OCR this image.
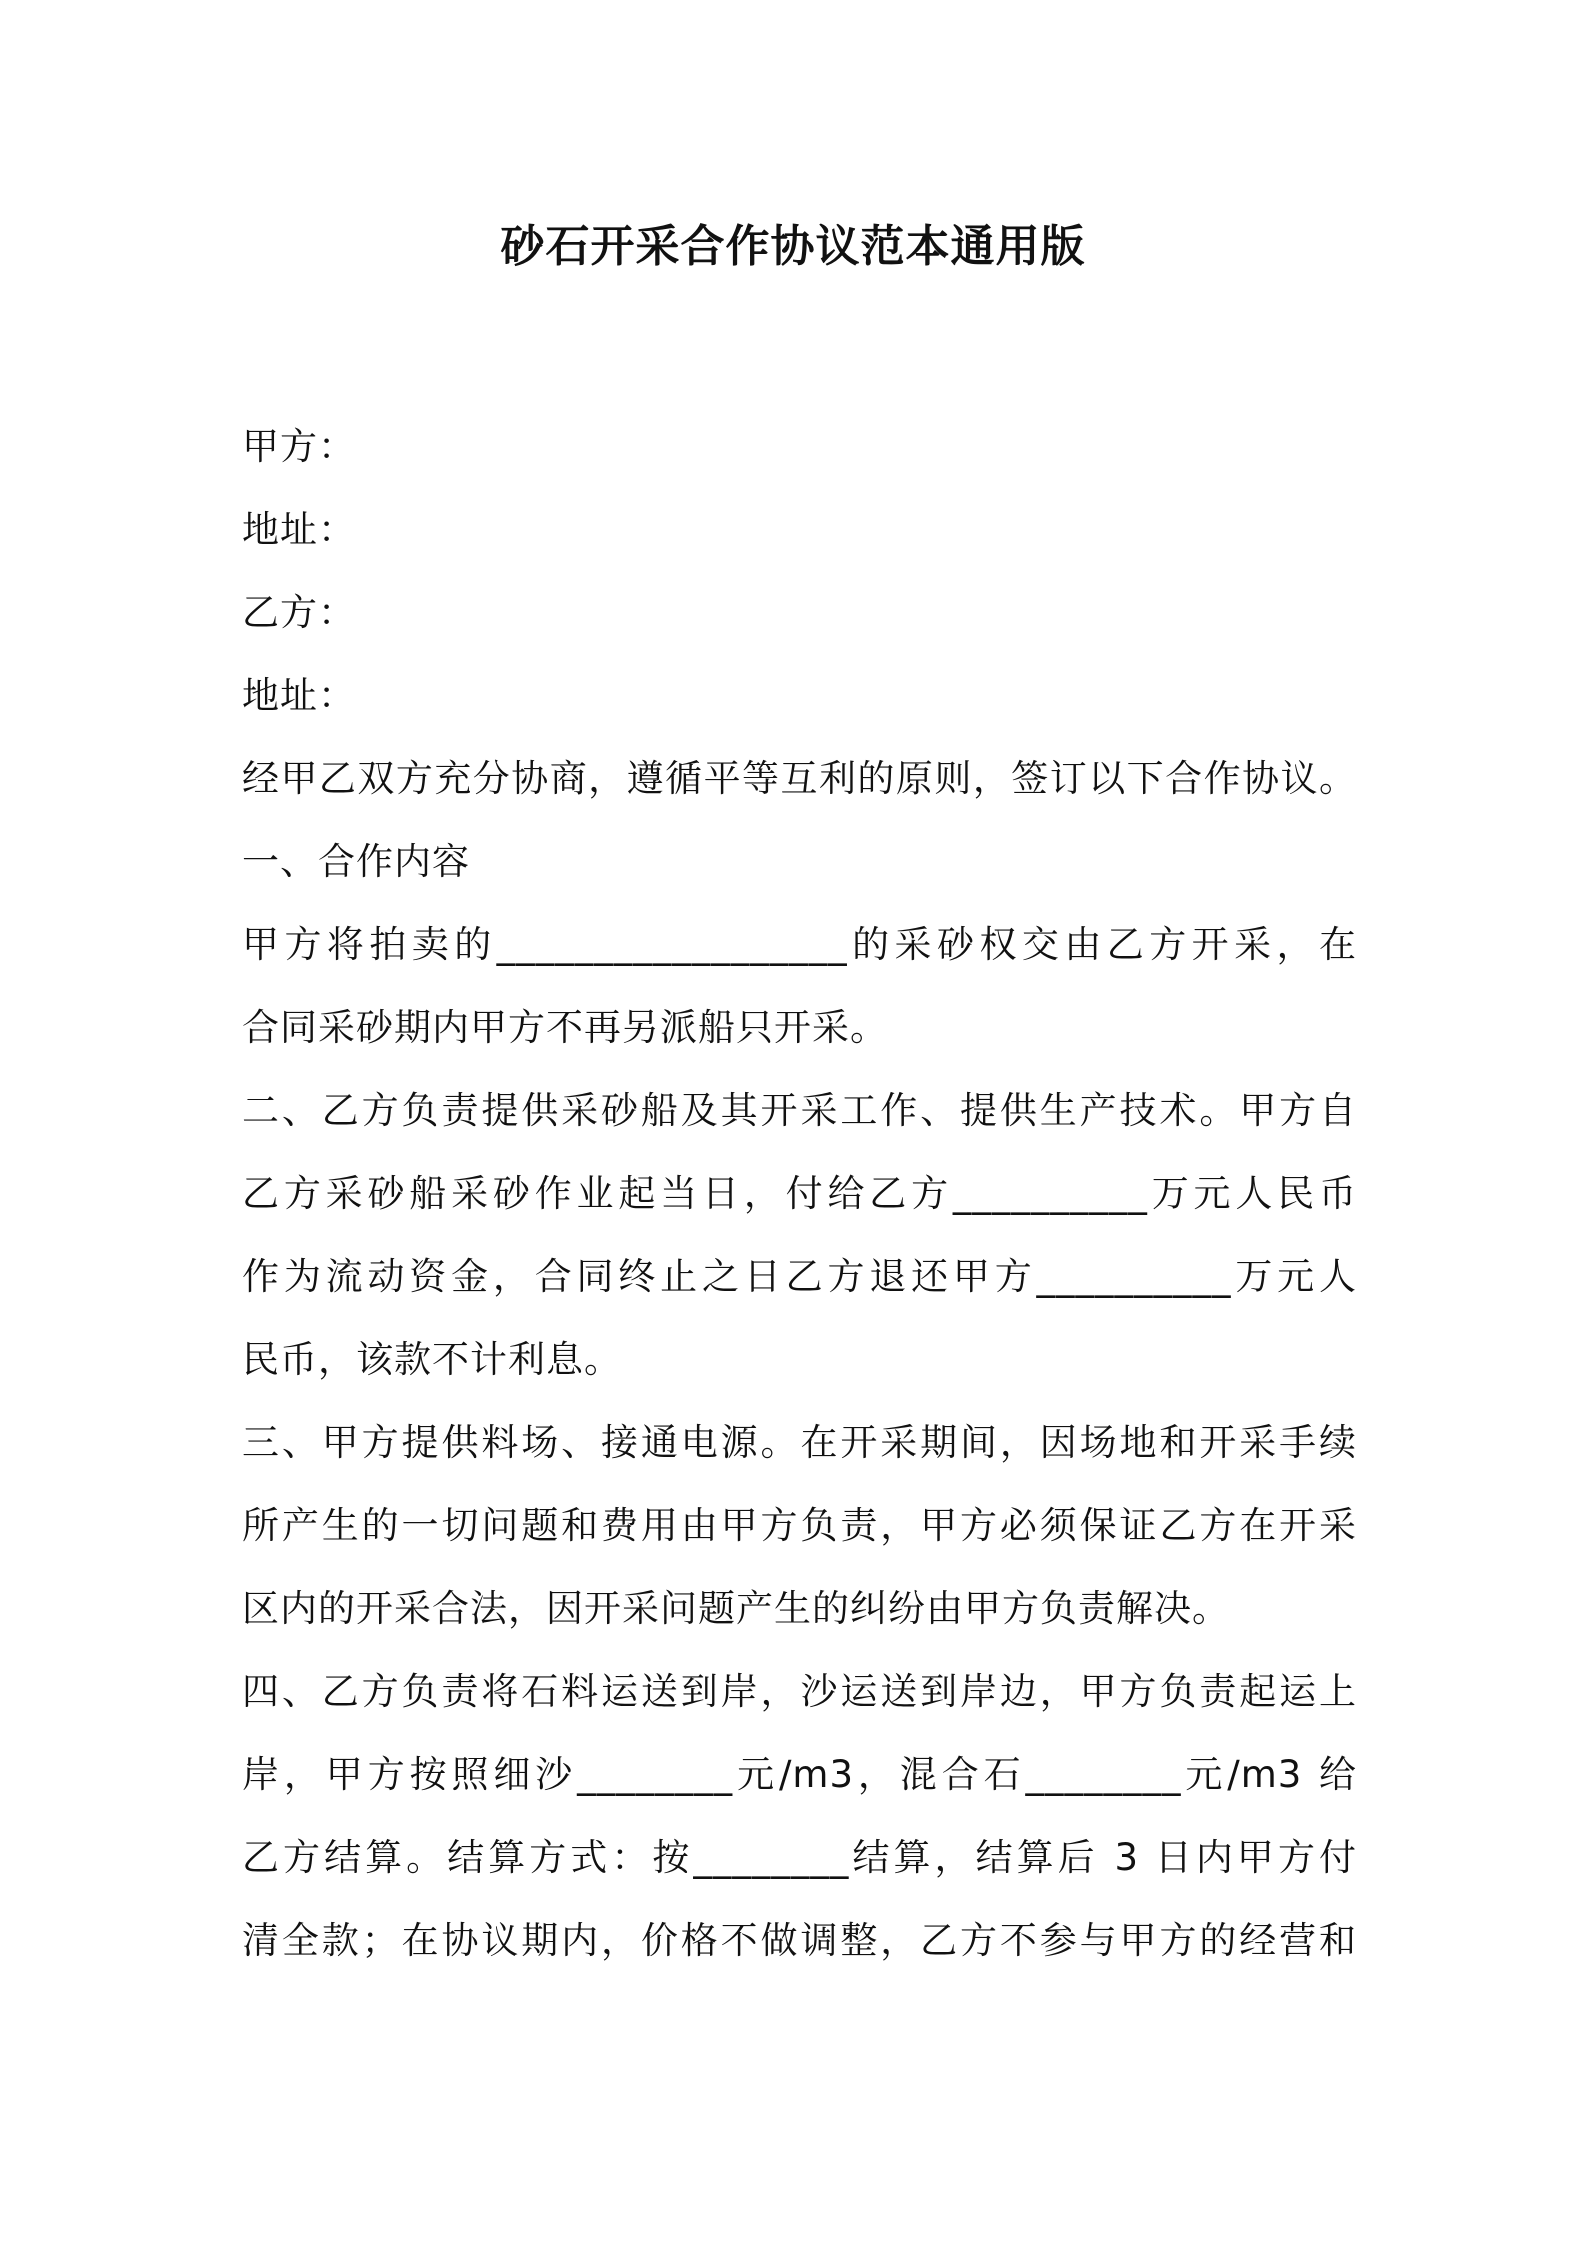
砂石开采合作协议范本通用版
甲方：
地址：
乙方：
地址：
经甲乙双方充分协商，遵循平等互利的原则，签订以下合作协议。
一、合作内容
甲方将拍卖的__________________的采砂权交由乙方开采，在
合同采砂期内甲方不再另派船只开采。
二、乙方负责提供采砂船及其开采工作、提供生产技术。甲方自
乙方采砂船采砂作业起当日，付给乙方__________万元人民币
作为流动资金，合同终止之日乙方退还甲方__________万元人
民币，该款不计利息。
三、甲方提供料场、接通电源。在开采期间，因场地和开采手续
所产生的一切问题和费用由甲方负责，甲方必须保证乙方在开采
区内的开采合法，因开采问题产生的纠纷由甲方负责解决。
四、乙方负责将石料运送到岸，沙运送到岸边，甲方负责起运上
岸，甲方按照细沙________元/m3，混合石________元/m3 给
乙方结算。结算方式：按________结算，结算后 3 日内甲方付
清全款；在协议期内，价格不做调整，乙方不参与甲方的经营和
